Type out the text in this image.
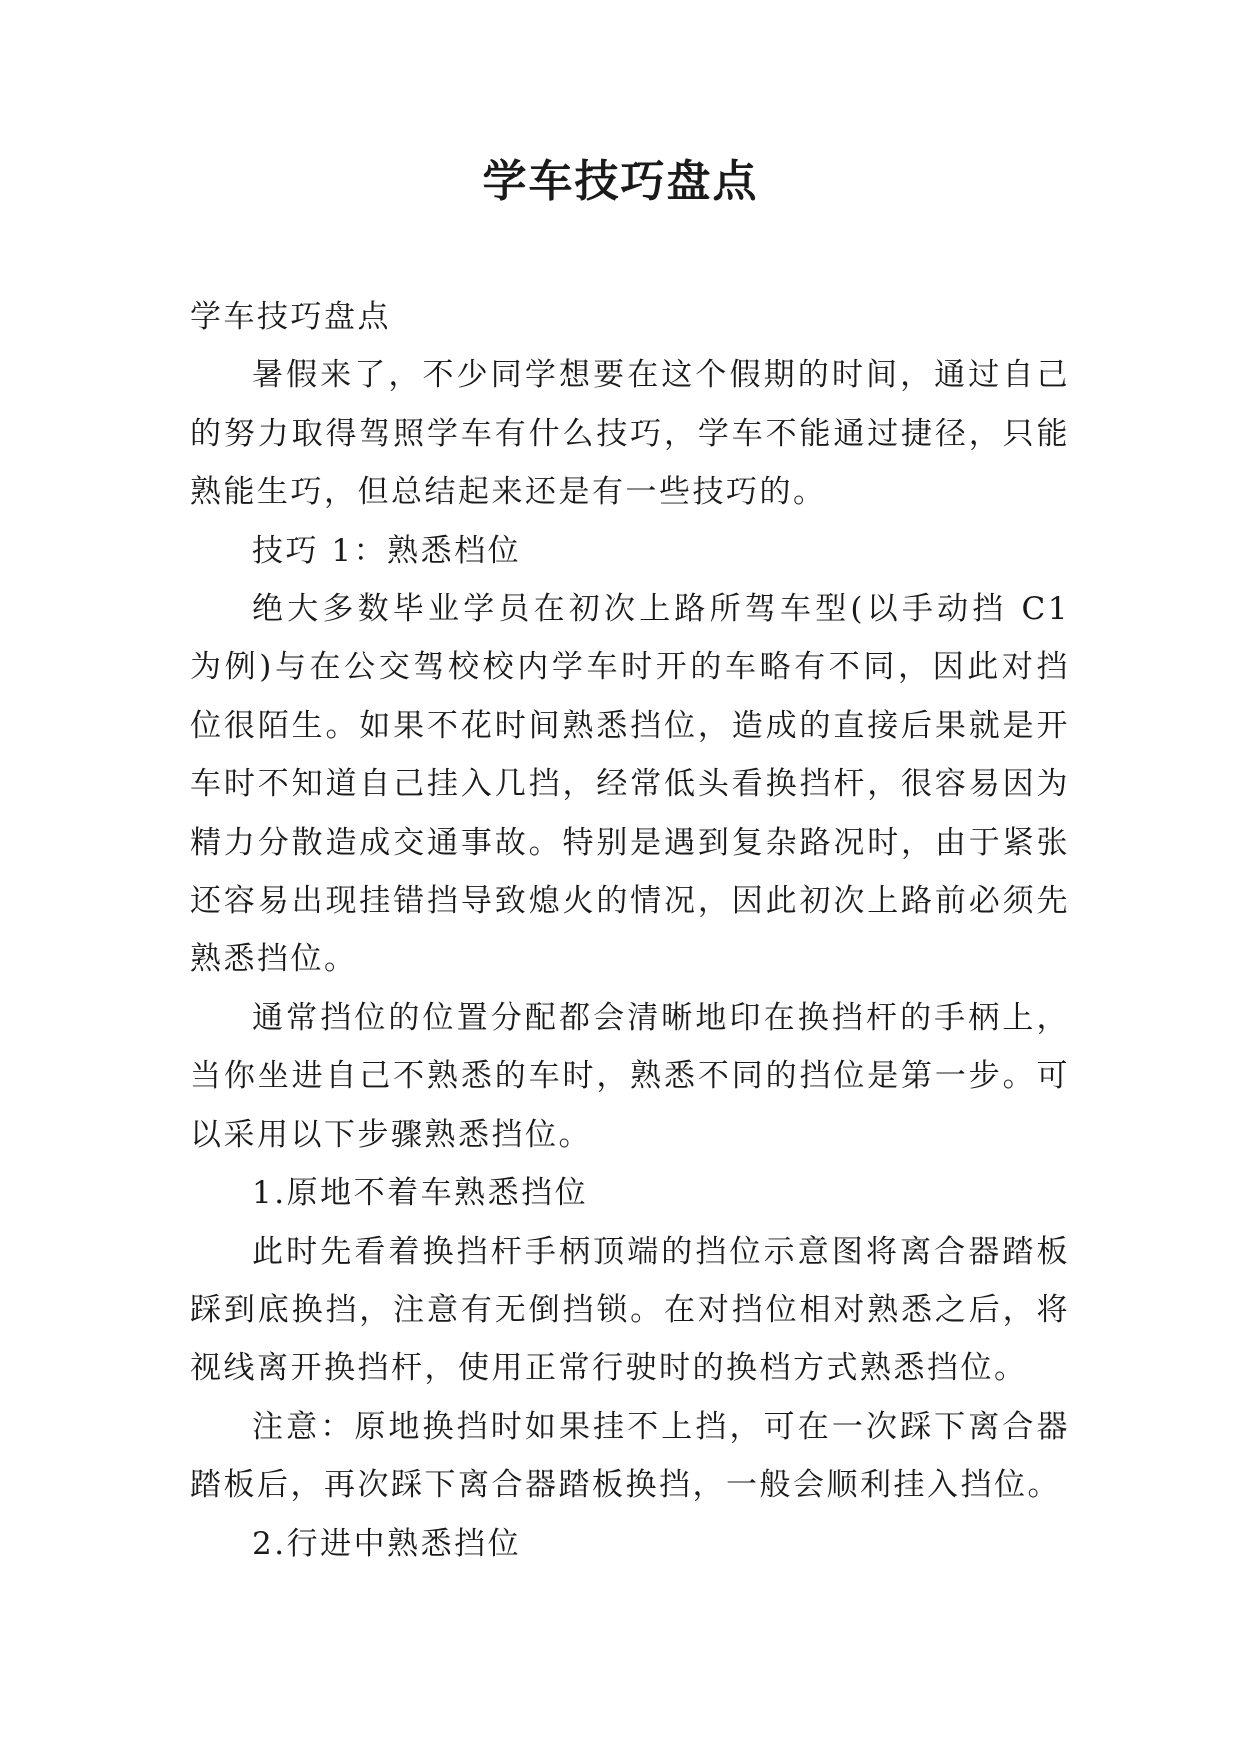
学车技巧盘点

学车技巧盘点

暑假来了，不少同学想要在这个假期的时间，通过自己的努力取得驾照学车有什么技巧，学车不能通过捷径，只能熟能生巧，但总结起来还是有一些技巧的。

技巧 1：熟悉档位

绝大多数毕业学员在初次上路所驾车型(以手动挡 C1 为例)与在公交驾校校内学车时开的车略有不同，因此对挡位很陌生。如果不花时间熟悉挡位，造成的直接后果就是开车时不知道自己挂入几挡，经常低头看换挡杆，很容易因为精力分散造成交通事故。特别是遇到复杂路况时，由于紧张还容易出现挂错挡导致熄火的情况，因此初次上路前必须先熟悉挡位。

通常挡位的位置分配都会清晰地印在换挡杆的手柄上，当你坐进自己不熟悉的车时，熟悉不同的挡位是第一步。可以采用以下步骤熟悉挡位。

1.原地不着车熟悉挡位

此时先看着换挡杆手柄顶端的挡位示意图将离合器踏板踩到底换挡，注意有无倒挡锁。在对挡位相对熟悉之后，将视线离开换挡杆，使用正常行驶时的换档方式熟悉挡位。

注意：原地换挡时如果挂不上挡，可在一次踩下离合器踏板后，再次踩下离合器踏板换挡，一般会顺利挂入挡位。

2.行进中熟悉挡位
